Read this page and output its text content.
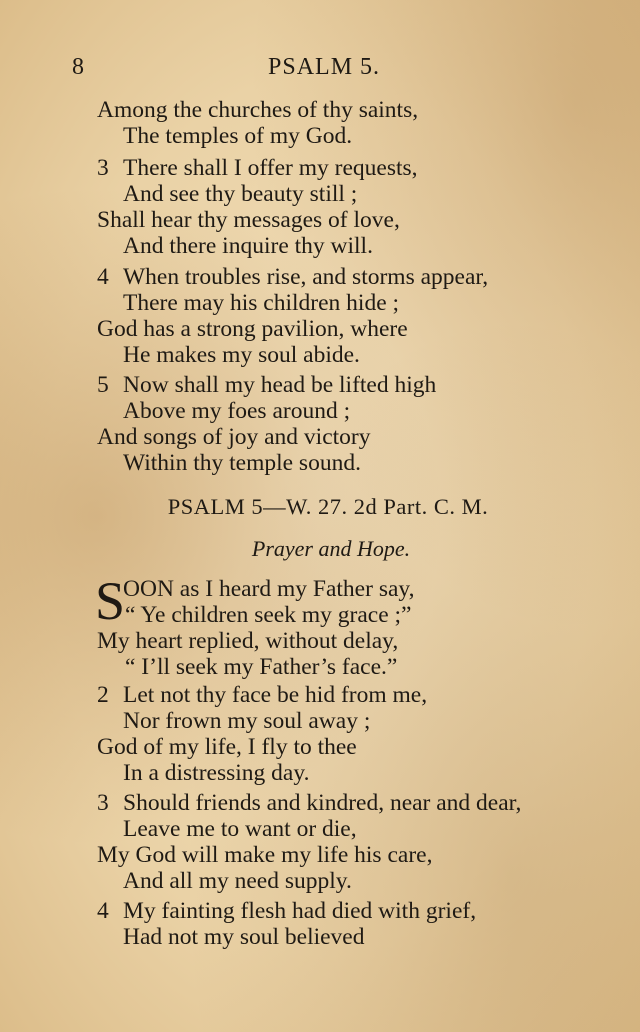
8	PSALM 5.
Among the churches of thy saints,
The temples of my God.
3 There shall I offer my requests,
And see thy beauty still ;
Shall hear thy messages of love,
And there inquire thy will.
4 When troubles rise, and storms appear,
There may his children hide ;
God has a strong pavilion, where
He makes my soul abide.
5 Now shall my head be lifted high
Above my foes around ;
And songs of joy and victory
Within thy temple sound.
PSALM 5—W. 27. 2d Part. C. M.
Prayer and Hope.
S
OON as I heard my Father say,
“ Ye children seek my grace ;”
My heart replied, without delay,
“ I’ll seek my Father’s face.”
2 Let not thy face be hid from me,
Nor frown my soul away ;
God of my life, I fly to thee
In a distressing day.
3 Should friends and kindred, near and dear,
Leave me to want or die,
My God will make my life his care,
And all my need supply.
4 My fainting flesh had died with grief,
Had not my soul believed
